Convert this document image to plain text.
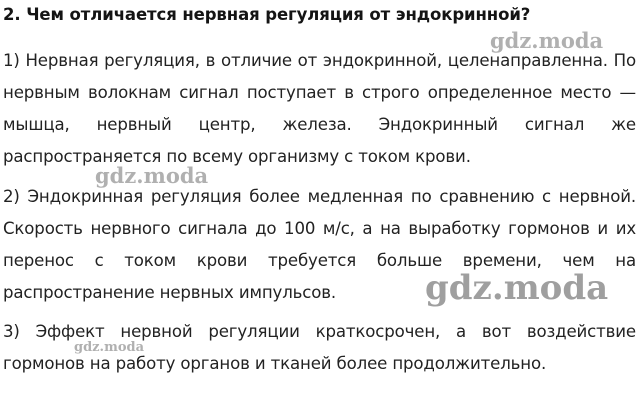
2. Чем отличается нервная регуляция от эндокринной?
1) Нервная регуляция, в отличие от эндокринной, целенаправленна. По нервным волокнам сигнал поступает в строго определенное место — мышца, нервный центр, железа. Эндокринный сигнал же распространяется по всему организму с током крови.
2) Эндокринная регуляция более медленная по сравнению с нервной. Скорость нервного сигнала до 100 м/с, а на выработку гормонов и их перенос с током крови требуется больше времени, чем на распространение нервных импульсов.
3) Эффект нервной регуляции краткосрочен, а вот воздействие гормонов на работу органов и тканей более продолжительно.
gdz.moda
gdz.moda
gdz.moda
gdz.moda
